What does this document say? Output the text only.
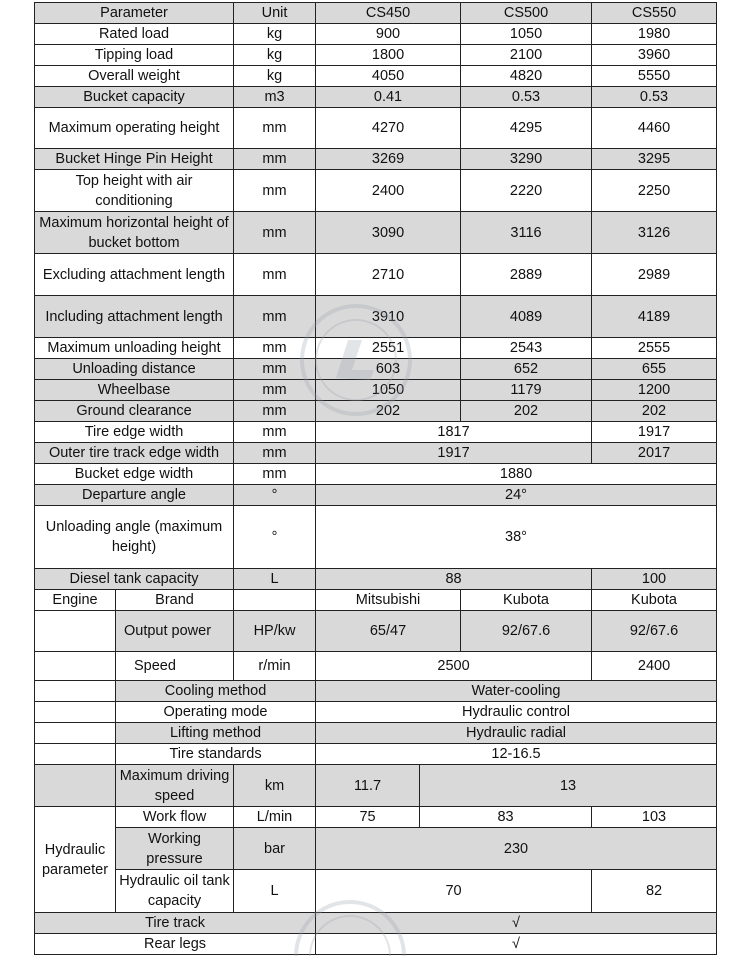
Parameter		Unit	CS450		CS500	CS550
Rated load		kg	900		1050	1980
Tipping load		kg	1800		2100	3960
Overall weight		kg	4050		4820	5550
Bucket capacity		m3	0.41		0.53	0.53
Maximum operating height		mm	4270		4295	4460
Bucket Hinge Pin Height		mm	3269		3290	3295
Top height with air conditioning		mm	2400		2220	2250
Maximum horizontal height of bucket bottom		mm	3090		3116	3126
Excluding attachment length		mm	2710		2889	2989
Including attachment length		mm	3910		4089	4189
Maximum unloading height		mm	2551		2543	2555
Unloading distance		mm	603		652	655
Wheelbase		mm	1050		1179	1200
Ground clearance		mm	202		202	202
Tire edge width		mm	1817			1917
Outer tire track edge width		mm	1917			2017
Bucket edge width		mm	1880			
Departure angle		°	24°			
Unloading angle (maximum height)		°	38°			
Diesel tank capacity		L	88			100
Engine	Brand		Mitsubishi		Kubota	Kubota
	Output power	HP/kw	65/47		92/67.6	92/67.6
	Speed	r/min	2500			2400
	Cooling method		Water-cooling			
	Operating mode		Hydraulic control			
	Lifting method		Hydraulic radial			
	Tire standards		12-16.5			
	Maximum driving speed	km	11.7	13		
Hydraulic parameter	Work flow	L/min	75	83		103
	Working pressure	bar	230			
	Hydraulic oil tank capacity	L	70			82
Tire track			√			
Rear legs			√			
